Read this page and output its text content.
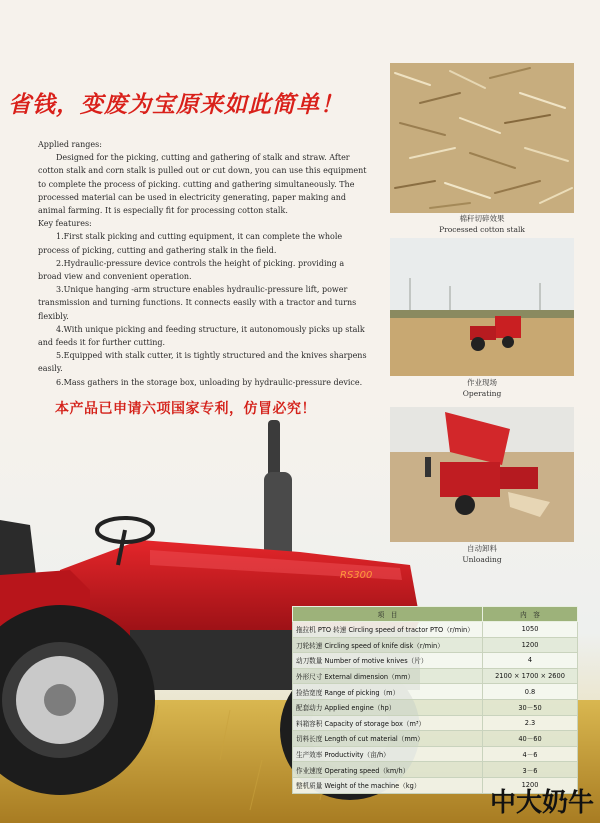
省钱，变废为宝原来如此简单！

Applied ranges:

Designed for the picking, cutting and gathering of stalk and straw. After cotton stalk and corn stalk is pulled out or cut down, you can use this equipment to complete the process of picking. cutting and gathering simultaneously. The processed material can be used in electricity generating, paper making and animal farming. It is especially fit for processing cotton stalk.

Key features:

1.First stalk picking and cutting equipment, it can complete the whole process of picking, cutting and gathering stalk in the field.

2.Hydraulic-pressure device controls the height of picking. providing a broad view and convenient operation.

3.Unique hanging -arm structure enables hydraulic-pressure lift, power transmission and turning functions. It connects easily with a tractor and turns flexibly.

4.With unique picking and feeding structure, it autonomously picks up stalk and feeds it for further cutting.

5.Equipped with stalk cutter, it is tightly structured and the knives sharpens easily.

6.Mass gathers in the storage box, unloading by hydraulic-pressure device.

RS300
棉秆切碎效果
Processed cotton stalk
作业现场
Operating
自动卸料
Unloading
本产品已申请六项国家专利，仿冒必究！
项　目	内　容
拖拉机 PTO 转速 Circling speed of tractor PTO（r/min）	1050
刀轮转速 Circling speed of knife disk（r/min）	1200
动刀数量 Number of motive knives（片）	4
外形尺寸 External dimension（mm）	2100 × 1700 × 2600
捡拾宽度 Range of picking（m）	0.8
配套动力 Applied engine（hp）	30－50
料箱容积 Capacity of storage box（m³）	2.3
切料长度 Length of cut material（mm）	40－60
生产效率 Productivity（亩/h）	4－6
作业速度 Operating speed（km/h）	3－6
整机质量 Weight of the machine（kg）	1200
中大奶牛
